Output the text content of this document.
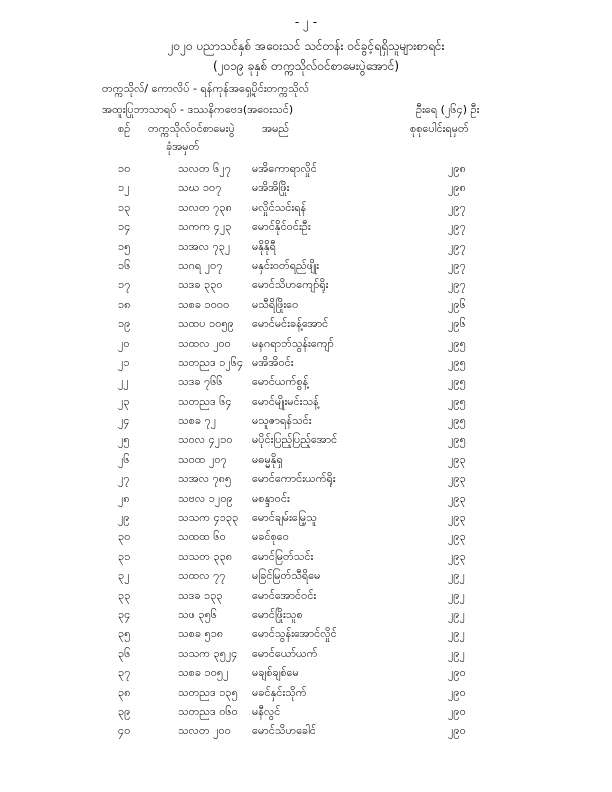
- ၂ -
၂၀၂၀ ပညာသင်နှစ် အဝေးသင် သင်တန်း ဝင်ခွင့်ရရှိသူများစာရင်း
(၂၀၁၉ ခုနှစ် တက္ကသိုလ်ဝင်စာမေးပွဲအောင်)
တက္ကသိုလ်/ ကောလိပ် - ရန်ကုန်အရှေ့ပိုင်းတက္ကသိုလ်
အထူးပြုဘာသာရပ် - ဒဿနိကဗေဒ(အဝေးသင်)	ဦးရေ (၂၆၄) ဦး
စဉ် တက္ကသိုလ်ဝင်စာမေးပွဲ
ခုံအမှတ်
အမည်	စုစုပေါင်းရမှတ်
၁၀	သလတ ၆၂၇ မအိကောရာလှိုင်	၂၉၈
၁၂	သဃ ၁၀၇	မအိအိဖြိုး	၂၉၈
၁၃	သလတ ၇၃၈ မလှိုင်သင်းရန်	၂၉၇
၁၄	သကက ၄၂၃ မောင်နိုင်ဝင်းဦး	၂၉၇
၁၅	သအလ ၇၃၂ မနိုနိုရီ	၂၉၇
၁၆	သဂရ ၂၀၇	မနှင်းဝတ်ရည်ဖျိုး	၂၉၇
၁၇	သဒခ ၃၃၀	မောင်သိဟကျော်ရိုး	၂၉၇
၁၈	သစခ ၁၀၀၀ မသီရိဖြိုးဝေ	၂၉၆
၁၉	သထပ ၁၀၅၉ မောင်မင်းခန့်အောင်	၂၉၆
၂၀	သထလ ၂၀၀ မနဂရာဘ်သွန်းကျော်	၂၉၅
၂၁	သတညဒ ၁၂၆၄ မအိအိဝင်း	၂၉၅
၂၂	သဒခ ၇၆၆	မောင်ယက်စွန့်	၂၉၅
၂၃	သတညဒ ၆၄ မောင်မျိုးမင်းသန့်	၂၉၅
၂၄	သစခ ၇၂	မသူဇာရန်သင်း	၂၉၅
၂၅	သဝလ ၄၂၁၀ မပိုင်းပြည့်ပြည့်အောင်	၂၉၅
၂၆	သဝထ ၂၀၇ မဓမ္မနိုရှ	၂၉၃
၂၇	သအလ ၇၈၅ မောင်ကောင်းယက်ရိုး	၂၉၃
၂၈	သဗလ ၁၂၀၉ မစန္ဒာဝင်း	၂၉၃
၂၉	သသက ၄၁၃၃ မောင်ချမ်းမြေ့သူ	၂၉၃
၃၀	သထထ ၆၀ မခင်စုဝေ	၂၉၃
၃၁	သသတ ၃၃၈ မောင်မြတ်သင်း	၂၉၃
၃၂	သထလ ၇၇ မခြင်မြတ်သီရိမေ	၂၉၂
၃၃	သဒခ ၁၃၃	မောင်အောင်ဝင်း	၂၉၂
၃၄	သဖ ၃၅၆	မောင်ဖြိုးသူစ	၂၉၂
၃၅	သစခ ၅၁၈	မောင်သွန်းအောင်လှိုင်	၂၉၂
၃၆	သသက ၃၅၂၄ မောင်ယော်ယက်	၂၉၂
၃၇	သစခ ၁၀၅၂ မချစ်ချစ်မေ	၂၉၀
၃၈	သတညဒ ၁၃၅ မခင်နှင်းသိုက်	၂၉၀
၃၉	သတညဒ ၀၆၀ မနီလွင်	၂၉၀
၄၀	သလတ ၂၀၀ မောင်သိဟခေါင်	၂၉၀
